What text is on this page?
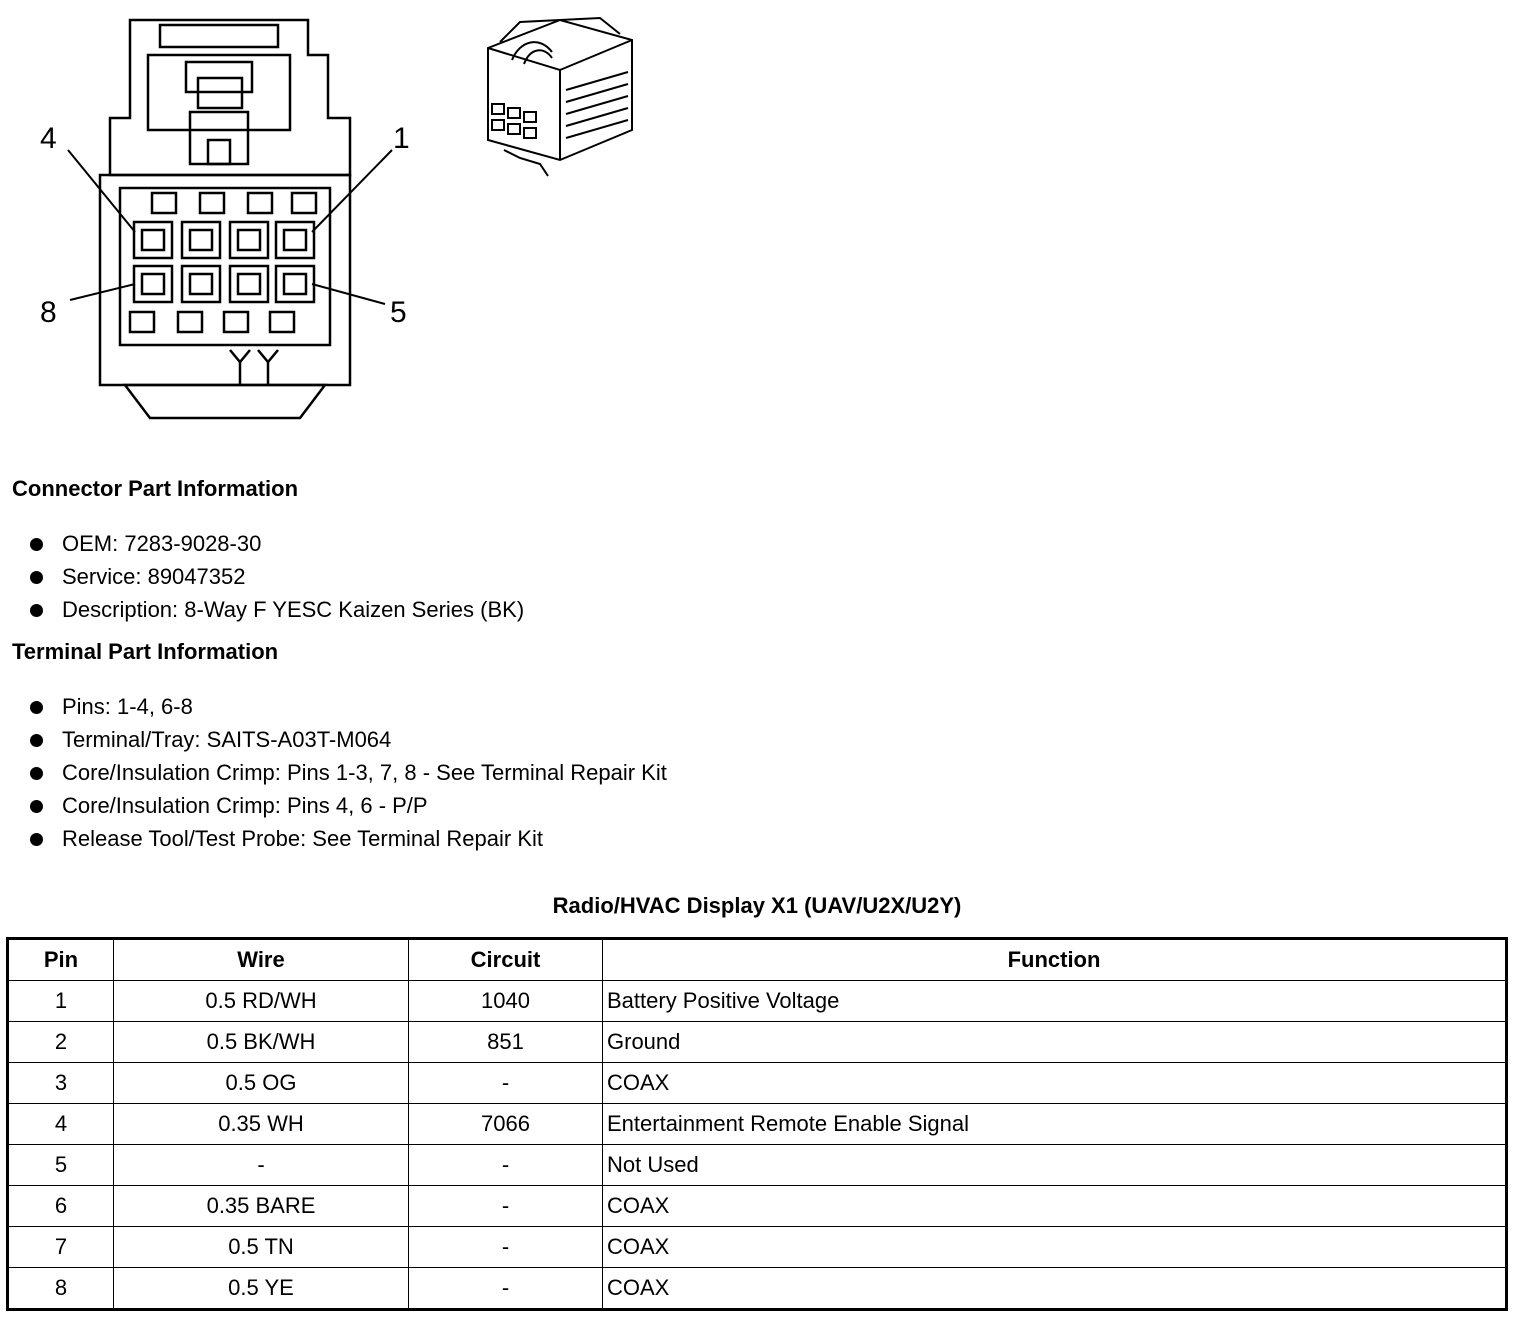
4	1
8	5
Connector Part Information
OEM: 7283-9028-30
Service: 89047352
Description: 8-Way F YESC Kaizen Series (BK)
Terminal Part Information
Pins: 1-4, 6-8
Terminal/Tray: SAITS-A03T-M064
Core/Insulation Crimp: Pins 1-3, 7, 8 - See Terminal Repair Kit
Core/Insulation Crimp: Pins 4, 6 - P/P
Release Tool/Test Probe: See Terminal Repair Kit
Radio/HVAC Display X1 (UAV/U2X/U2Y)
Pin	Wire	Circuit	Function
1	0.5 RD/WH	1040	Battery Positive Voltage
2	0.5 BK/WH	851	Ground
3	0.5 OG	-	COAX
4	0.35 WH	7066	Entertainment Remote Enable Signal
5	-	-	Not Used
6	0.35 BARE	-	COAX
7	0.5 TN	-	COAX
8	0.5 YE	-	COAX
